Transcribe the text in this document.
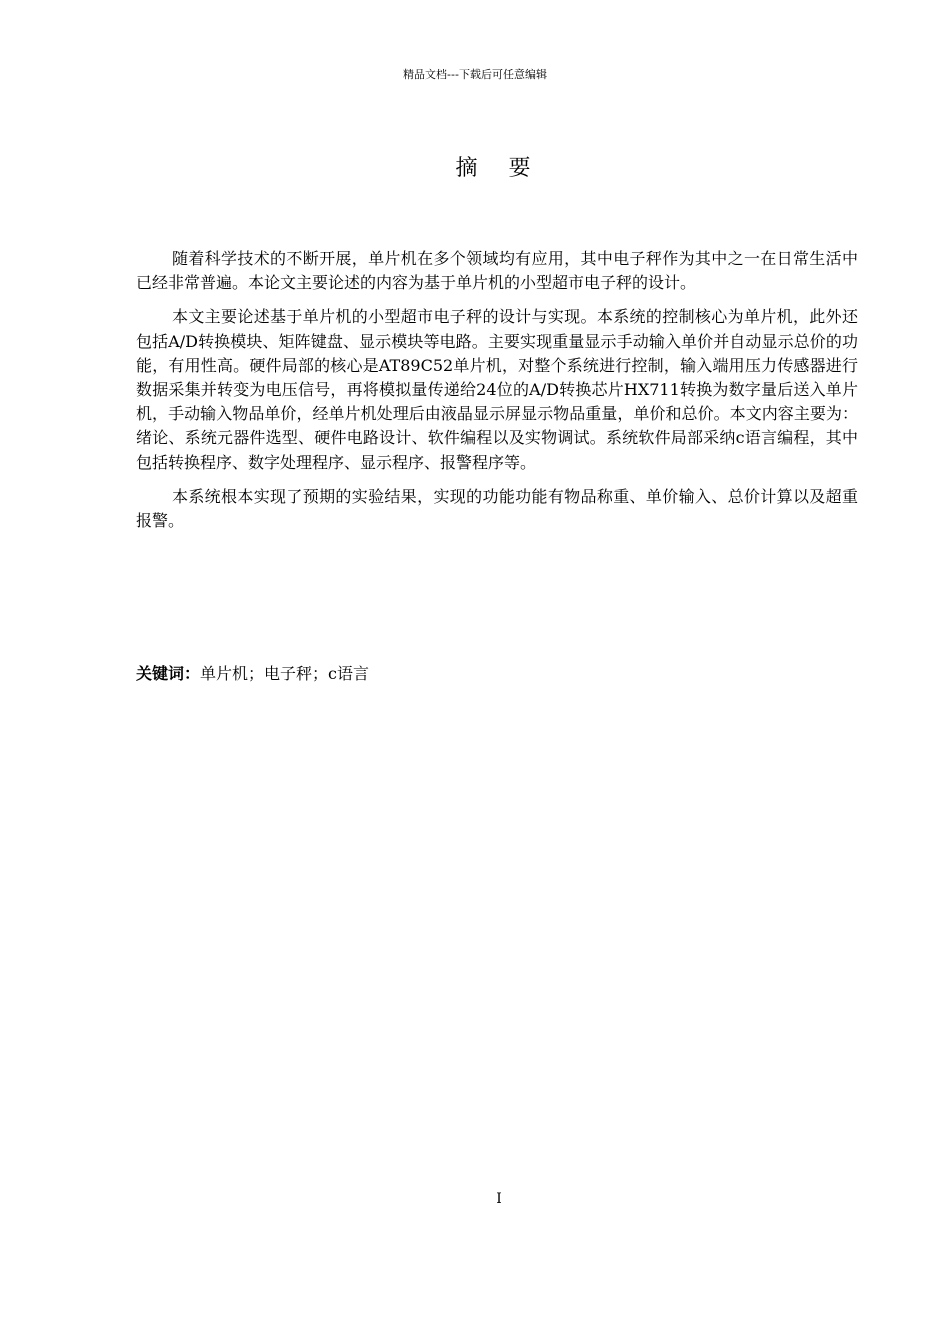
精品文档---下载后可任意编辑
摘 要

随着科学技术的不断开展，单片机在多个领域均有应用，其中电子秤作为其中之一在日常生活中已经非常普遍。本论文主要论述的内容为基于单片机的小型超市电子秤的设计。

本文主要论述基于单片机的小型超市电子秤的设计与实现。本系统的控制核心为单片机，此外还包括A/D转换模块、矩阵键盘、显示模块等电路。主要实现重量显示手动输入单价并自动显示总价的功能，有用性高。硬件局部的核心是AT89C52单片机，对整个系统进行控制，输入端用压力传感器进行数据采集并转变为电压信号，再将模拟量传递给24位的A/D转换芯片HX711转换为数字量后送入单片机，手动输入物品单价，经单片机处理后由液晶显示屏显示物品重量，单价和总价。本文内容主要为：绪论、系统元器件选型、硬件电路设计、软件编程以及实物调试。系统软件局部采纳c语言编程，其中包括转换程序、数字处理程序、显示程序、报警程序等。

本系统根本实现了预期的实验结果，实现的功能功能有物品称重、单价输入、总价计算以及超重报警。

关键词：单片机；电子秤；c语言
I
